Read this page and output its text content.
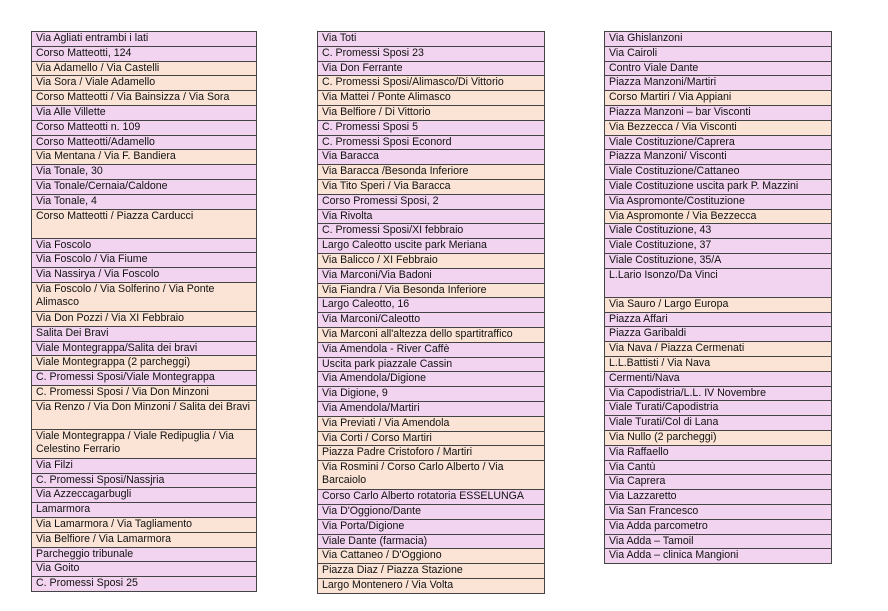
Via Agliati entrambi i lati
Corso Matteotti, 124
Via Adamello / Via Castelli
Via Sora / Viale Adamello
Corso Matteotti / Via Bainsizza / Via Sora
Via Alle Villette
Corso Matteotti n. 109
Corso Matteotti/Adamello
Via Mentana / Via F. Bandiera
Via Tonale, 30
Via Tonale/Cernaia/Caldone
Via Tonale, 4
Corso Matteotti / Piazza Carducci
Via Foscolo
Via Foscolo / Via Fiume
Via Nassirya / Via Foscolo
Via Foscolo / Via Solferino / Via Ponte Alimasco
Via Don Pozzi / Via XI Febbraio
Salita Dei Bravi
Viale Montegrappa/Salita dei bravi
Viale Montegrappa (2 parcheggi)
C. Promessi Sposi/Viale Montegrappa
C. Promessi Sposi / Via Don Minzoni
Via Renzo / Via Don Minzoni / Salita dei Bravi
Viale Montegrappa / Viale Redipuglia / Via Celestino Ferrario
Via Filzi
C. Promessi Sposi/Nassjria
Via Azzeccagarbugli
Lamarmora
Via Lamarmora / Via Tagliamento
Via Belfiore / Via Lamarmora
Parcheggio tribunale
Via Goito
C. Promessi Sposi 25
Via Toti
C. Promessi Sposi 23
Via Don Ferrante
C. Promessi Sposi/Alimasco/Di Vittorio
Via Mattei / Ponte Alimasco
Via Belfiore / Di Vittorio
C. Promessi Sposi 5
C. Promessi Sposi Econord
Via Baracca
Via Baracca /Besonda Inferiore
Via Tito Speri / Via Baracca
Corso Promessi Sposi, 2
Via Rivolta
C. Promessi Sposi/XI febbraio
Largo Caleotto uscite park Meriana
Via Balicco / XI Febbraio
Via Marconi/Via Badoni
Via Fiandra / Via Besonda Inferiore
Largo Caleotto, 16
Via Marconi/Caleotto
Via Marconi all'altezza dello spartitraffico
Via Amendola - River Caffè
Uscita park piazzale Cassin
Via Amendola/Digione
Via Digione, 9
Via Amendola/Martiri
Via Previati / Via Amendola
Via Corti / Corso Martiri
Piazza Padre Cristoforo / Martiri
Via Rosmini / Corso Carlo Alberto / Via Barcaiolo
Corso Carlo Alberto rotatoria ESSELUNGA
Via D'Oggiono/Dante
Via Porta/Digione
Viale Dante (farmacia)
Via Cattaneo / D'Oggiono
Piazza Diaz / Piazza Stazione
Largo Montenero / Via Volta
Via Ghislanzoni
Via Cairoli
Contro Viale Dante
Piazza Manzoni/Martiri
Corso Martiri / Via Appiani
Piazza Manzoni – bar Visconti
Via Bezzecca / Via Visconti
Viale Costituzione/Caprera
Piazza Manzoni/ Visconti
Viale Costituzione/Cattaneo
Viale Costituzione uscita park P. Mazzini
Via Aspromonte/Costituzione
Via Aspromonte / Via Bezzecca
Viale Costituzione, 43
Viale Costituzione, 37
Viale Costituzione, 35/A
L.Lario Isonzo/Da Vinci
Via Sauro / Largo Europa
Piazza Affari
Piazza Garibaldi
Via Nava / Piazza Cermenati
L.L.Battisti / Via Nava
Cermenti/Nava
Via Capodistria/L.L. IV Novembre
Viale Turati/Capodistria
Viale Turati/Col di Lana
Via Nullo (2 parcheggi)
Via Raffaello
Via Cantù
Via Caprera
Via Lazzaretto
Via San Francesco
Via Adda parcometro
Via Adda – Tamoil
Via Adda – clinica Mangioni
